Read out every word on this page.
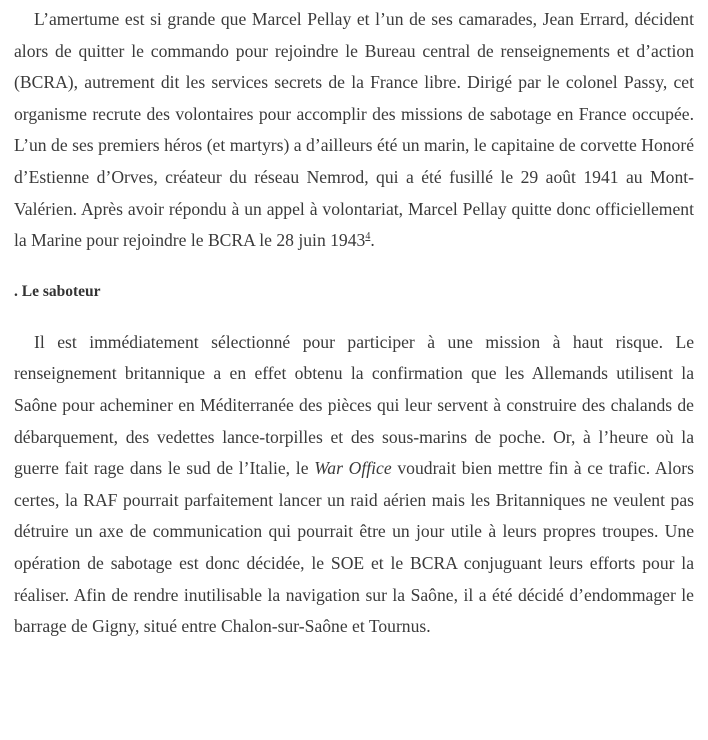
L’amertume est si grande que Marcel Pellay et l’un de ses camarades, Jean Errard, décident alors de quitter le commando pour rejoindre le Bureau central de renseignements et d’action (BCRA), autrement dit les services secrets de la France libre. Dirigé par le colonel Passy, cet organisme recrute des volontaires pour accomplir des missions de sabotage en France occupée. L’un de ses premiers héros (et martyrs) a d’ailleurs été un marin, le capitaine de corvette Honoré d’Estienne d’Orves, créateur du réseau Nemrod, qui a été fusillé le 29 août 1941 au Mont-Valérien. Après avoir répondu à un appel à volontariat, Marcel Pellay quitte donc officiellement la Marine pour rejoindre le BCRA le 28 juin 1943$^4$.

. Le saboteur

Il est immédiatement sélectionné pour participer à une mission à haut risque. Le renseignement britannique a en effet obtenu la confirmation que les Allemands utilisent la Saône pour acheminer en Méditerranée des pièces qui leur servent à construire des chalands de débarquement, des vedettes lance-torpilles et des sous-marins de poche. Or, à l’heure où la guerre fait rage dans le sud de l’Italie, le War Office voudrait bien mettre fin à ce trafic. Alors certes, la RAF pourrait parfaitement lancer un raid aérien mais les Britanniques ne veulent pas détruire un axe de communication qui pourrait être un jour utile à leurs propres troupes. Une opération de sabotage est donc décidée, le SOE et le BCRA conjuguant leurs efforts pour la réaliser. Afin de rendre inutilisable la navigation sur la Saône, il a été décidé d’endommager le barrage de Gigny, situé entre Chalon-sur-Saône et Tournus.
